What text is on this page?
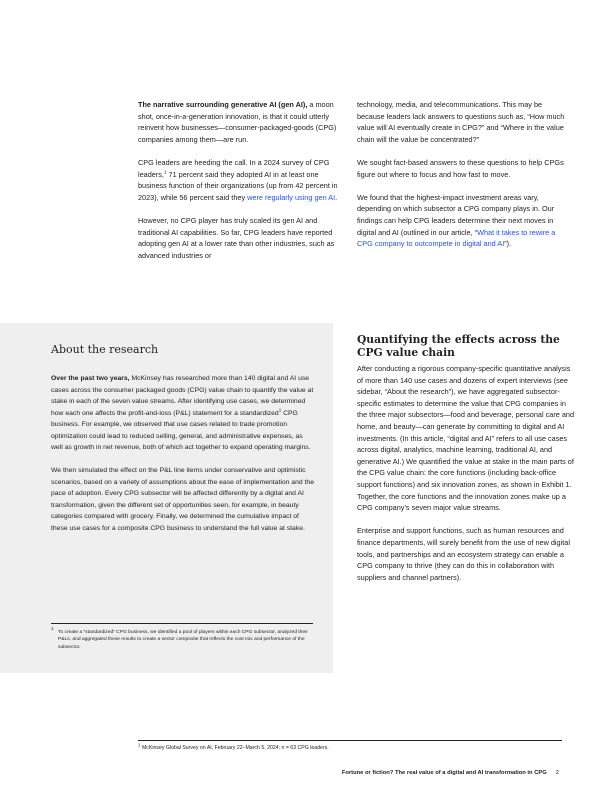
The narrative surrounding generative AI (gen AI), a moon shot, once-in-a-generation innovation, is that it could utterly reinvent how businesses—consumer-packaged-goods (CPG) companies among them—are run.

CPG leaders are heeding the call. In a 2024 survey of CPG leaders,$^1$ 71 percent said they adopted AI in at least one business function of their organizations (up from 42 percent in 2023), while 56 percent said they were regularly using gen AI.

However, no CPG player has truly scaled its gen AI and traditional AI capabilities. So far, CPG leaders have reported adopting gen AI at a lower rate than other industries, such as advanced industries or

technology, media, and telecommunications. This may be because leaders lack answers to questions such as, “How much value will AI eventually create in CPG?” and “Where in the value chain will the value be concentrated?”

We sought fact-based answers to these questions to help CPGs figure out where to focus and how fast to move.

We found that the highest-impact investment areas vary, depending on which subsector a CPG company plays in. Our findings can help CPG leaders determine their next moves in digital and AI (outlined in our article, “What it takes to rewire a CPG company to outcompete in digital and AI”).

About the research

Over the past two years, McKinsey has researched more than 140 digital and AI use cases across the consumer packaged goods (CPG) value chain to quantify the value at stake in each of the seven value streams. After identifying use cases, we determined how each one affects the profit-and-loss (P&L) statement for a standardized$^1$ CPG business. For example, we observed that use cases related to trade promotion optimization could lead to reduced selling, general, and administrative expenses, as well as growth in net revenue, both of which act together to expand operating margins.

We then simulated the effect on the P&L line items under conservative and optimistic scenarios, based on a variety of assumptions about the ease of implementation and the pace of adoption. Every CPG subsector will be affected differently by a digital and AI transformation, given the different set of opportunities seen, for example, in beauty categories compared with grocery. Finally, we determined the cumulative impact of these use cases for a composite CPG business to understand the full value at stake.

1
To create a “standardized” CPG business, we identified a pool of players within each CPG subsector, analyzed their P&Ls, and aggregated these results to create a sector composite that reflects the cost mix and performance of the subsector.
Quantifying the effects across the CPG value chain

After conducting a rigorous company-specific quantitative analysis of more than 140 use cases and dozens of expert interviews (see sidebar, “About the research”), we have aggregated subsector-specific estimates to determine the value that CPG companies in the three major subsectors—food and beverage, personal care and home, and beauty—can generate by committing to digital and AI investments. (In this article, “digital and AI” refers to all use cases across digital, analytics, machine learning, traditional AI, and generative AI.) We quantified the value at stake in the main parts of the CPG value chain: the core functions (including back-office support functions) and six innovation zones, as shown in Exhibit 1. Together, the core functions and the innovation zones make up a CPG company’s seven major value streams.

Enterprise and support functions, such as human resources and finance departments, will surely benefit from the use of new digital tools, and partnerships and an ecosystem strategy can enable a CPG company to thrive (they can do this in collaboration with suppliers and channel partners).

$^1$ McKinsey Global Survey on AI, February 22–March 5, 2024; n = 63 CPG leaders.
Fortune or fiction? The real value of a digital and AI transformation in CPG 2
